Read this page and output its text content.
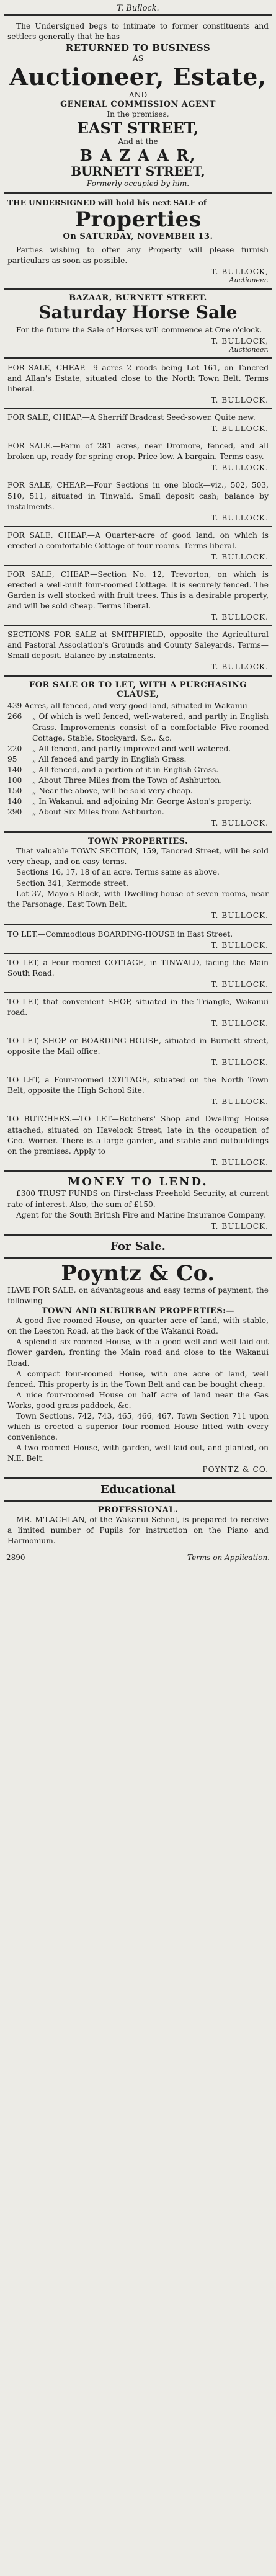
T. Bullock.
The Undersigned begs to intimate to former constituents and settlers generally that he has
RETURNED TO BUSINESS
AS
Auctioneer, Estate,
AND
GENERAL COMMISSION AGENT
In the premises,
EAST STREET,
And at the
B A Z A A R,
BURNETT STREET,
Formerly occupied by him.
THE UNDERSIGNED will hold his next SALE of
Properties
On SATURDAY, NOVEMBER 13.
Parties wishing to offer any Property will please furnish particulars as soon as possible.
T. BULLOCK,
Auctioneer.
BAZAAR, BURNETT STREET.
Saturday Horse Sale
For the future the Sale of Horses will commence at One o'clock.
T. BULLOCK,
Auctioneer.
FOR SALE, CHEAP.—9 acres 2 roods being Lot 161, on Tancred and Allan's Estate, situated close to the North Town Belt. Terms liberal.
T. BULLOCK.
FOR SALE, CHEAP.—A Sherriff Bradcast Seed-sower. Quite new.
T. BULLOCK.
FOR SALE.—Farm of 281 acres, near Dromore, fenced, and all broken up, ready for spring crop. Price low. A bargain. Terms easy.
T. BULLOCK.
FOR SALE, CHEAP.—Four Sections in one block—viz., 502, 503, 510, 511, situated in Tinwald. Small deposit cash; balance by instalments.
T. BULLOCK.
FOR SALE, CHEAP.—A Quarter-acre of good land, on which is erected a comfortable Cottage of four rooms. Terms liberal.
T. BULLOCK.
FOR SALE, CHEAP.—Section No. 12, Trevorton, on which is erected a well-built four-roomed Cottage. It is securely fenced. The Garden is well stocked with fruit trees. This is a desirable property, and will be sold cheap. Terms liberal.
T. BULLOCK.
SECTIONS FOR SALE at SMITHFIELD, opposite the Agricultural and Pastoral Association's Grounds and County Saleyards. Terms—Small deposit. Balance by instalments.
T. BULLOCK.
FOR SALE OR TO LET, WITH A PURCHASING CLAUSE,
439 Acres, all fenced, and very good land, situated in Wakanui
266	„ Of which is well fenced, well-watered, and partly in English Grass. Improvements consist of a comfortable Five-roomed Cottage, Stable, Stockyard, &c., &c.
220	„ All fenced, and partly improved and well-watered.
95	„ All fenced and partly in English Grass.
140	„ All fenced, and a portion of it in English Grass.
100	„ About Three Miles from the Town of Ashburton.
150	„ Near the above, will be sold very cheap.
140	„ In Wakanui, and adjoining Mr. George Aston's property.
290	„ About Six Miles from Ashburton.
T. BULLOCK.
TOWN PROPERTIES.
That valuable TOWN SECTION, 159, Tancred Street, will be sold very cheap, and on easy terms.
Sections 16, 17, 18 of an acre. Terms same as above.
Section 341, Kermode street.
Lot 37, Mayo's Block, with Dwelling-house of seven rooms, near the Parsonage, East Town Belt.
T. BULLOCK.
TO LET.—Commodious BOARDING-HOUSE in East Street.
T. BULLOCK.
TO LET, a Four-roomed COTTAGE, in TINWALD, facing the Main South Road.
T. BULLOCK.
TO LET, that convenient SHOP, situated in the Triangle, Wakanui road.
T. BULLOCK.
TO LET, SHOP or BOARDING-HOUSE, situated in Burnett street, opposite the Mail office.
T. BULLOCK.
TO LET, a Four-roomed COTTAGE, situated on the North Town Belt, opposite the High School Site.
T. BULLOCK.
TO BUTCHERS.—TO LET—Butchers' Shop and Dwelling House attached, situated on Havelock Street, late in the occupation of Geo. Worner. There is a large garden, and stable and outbuildings on the premises. Apply to
T. BULLOCK.
MONEY TO LEND.
£300 TRUST FUNDS on First-class Freehold Security, at current rate of interest. Also, the sum of £150.
Agent for the South British Fire and Marine Insurance Company.
T. BULLOCK.
For Sale.
Poyntz & Co.
HAVE FOR SALE, on advantageous and easy terms of payment, the following
TOWN AND SUBURBAN PROPERTIES:—
A good five-roomed House, on quarter-acre of land, with stable, on the Leeston Road, at the back of the Wakanui Road.
A splendid six-roomed House, with a good well and well laid-out flower garden, fronting the Main road and close to the Wakanui Road.
A compact four-roomed House, with one acre of land, well fenced. This property is in the Town Belt and can be bought cheap.
A nice four-roomed House on half acre of land near the Gas Works, good grass-paddock, &c.
Town Sections, 742, 743, 465, 466, 467, Town Section 711 upon which is erected a superior four-roomed House fitted with every convenience.
A two-roomed House, with garden, well laid out, and planted, on N.E. Belt.
POYNTZ & CO.
Educational
PROFESSIONAL.
MR. M'LACHLAN, of the Wakanui School, is prepared to receive a limited number of Pupils for instruction on the Piano and Harmonium.
2890	Terms on Application.
